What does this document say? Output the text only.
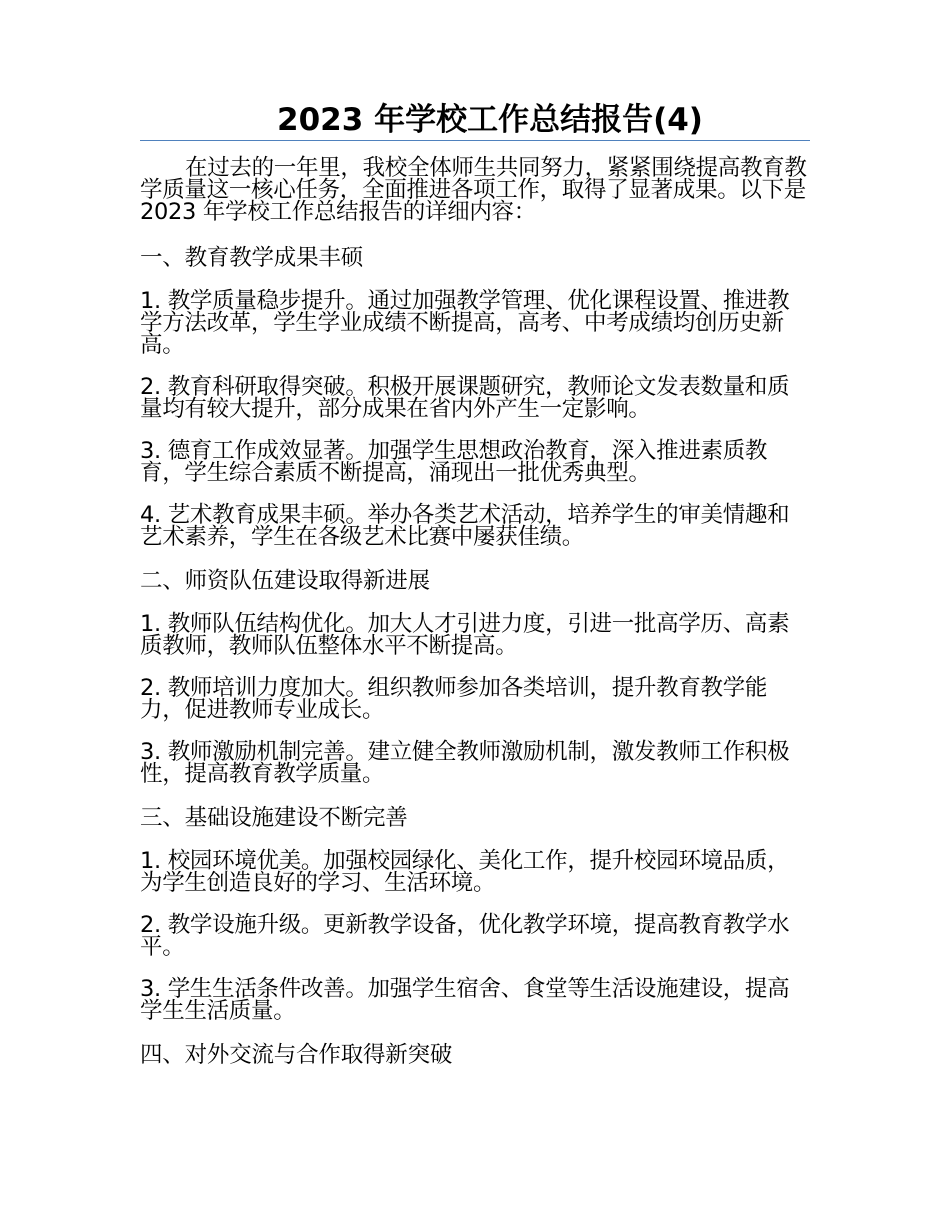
2023 年学校工作总结报告(4)

在过去的一年里，我校全体师生共同努力，紧紧围绕提高教育教学质量这一核心任务，全面推进各项工作，取得了显著成果。以下是 2023 年学校工作总结报告的详细内容：

一、教育教学成果丰硕

1. 教学质量稳步提升。通过加强教学管理、优化课程设置、推进教学方法改革，学生学业成绩不断提高，高考、中考成绩均创历史新高。

2. 教育科研取得突破。积极开展课题研究，教师论文发表数量和质量均有较大提升，部分成果在省内外产生一定影响。

3. 德育工作成效显著。加强学生思想政治教育，深入推进素质教育，学生综合素质不断提高，涌现出一批优秀典型。

4. 艺术教育成果丰硕。举办各类艺术活动，培养学生的审美情趣和艺术素养，学生在各级艺术比赛中屡获佳绩。

二、师资队伍建设取得新进展

1. 教师队伍结构优化。加大人才引进力度，引进一批高学历、高素质教师，教师队伍整体水平不断提高。

2. 教师培训力度加大。组织教师参加各类培训，提升教育教学能力，促进教师专业成长。

3. 教师激励机制完善。建立健全教师激励机制，激发教师工作积极性，提高教育教学质量。

三、基础设施建设不断完善

1. 校园环境优美。加强校园绿化、美化工作，提升校园环境品质，为学生创造良好的学习、生活环境。

2. 教学设施升级。更新教学设备，优化教学环境，提高教育教学水平。

3. 学生生活条件改善。加强学生宿舍、食堂等生活设施建设，提高学生生活质量。

四、对外交流与合作取得新突破
